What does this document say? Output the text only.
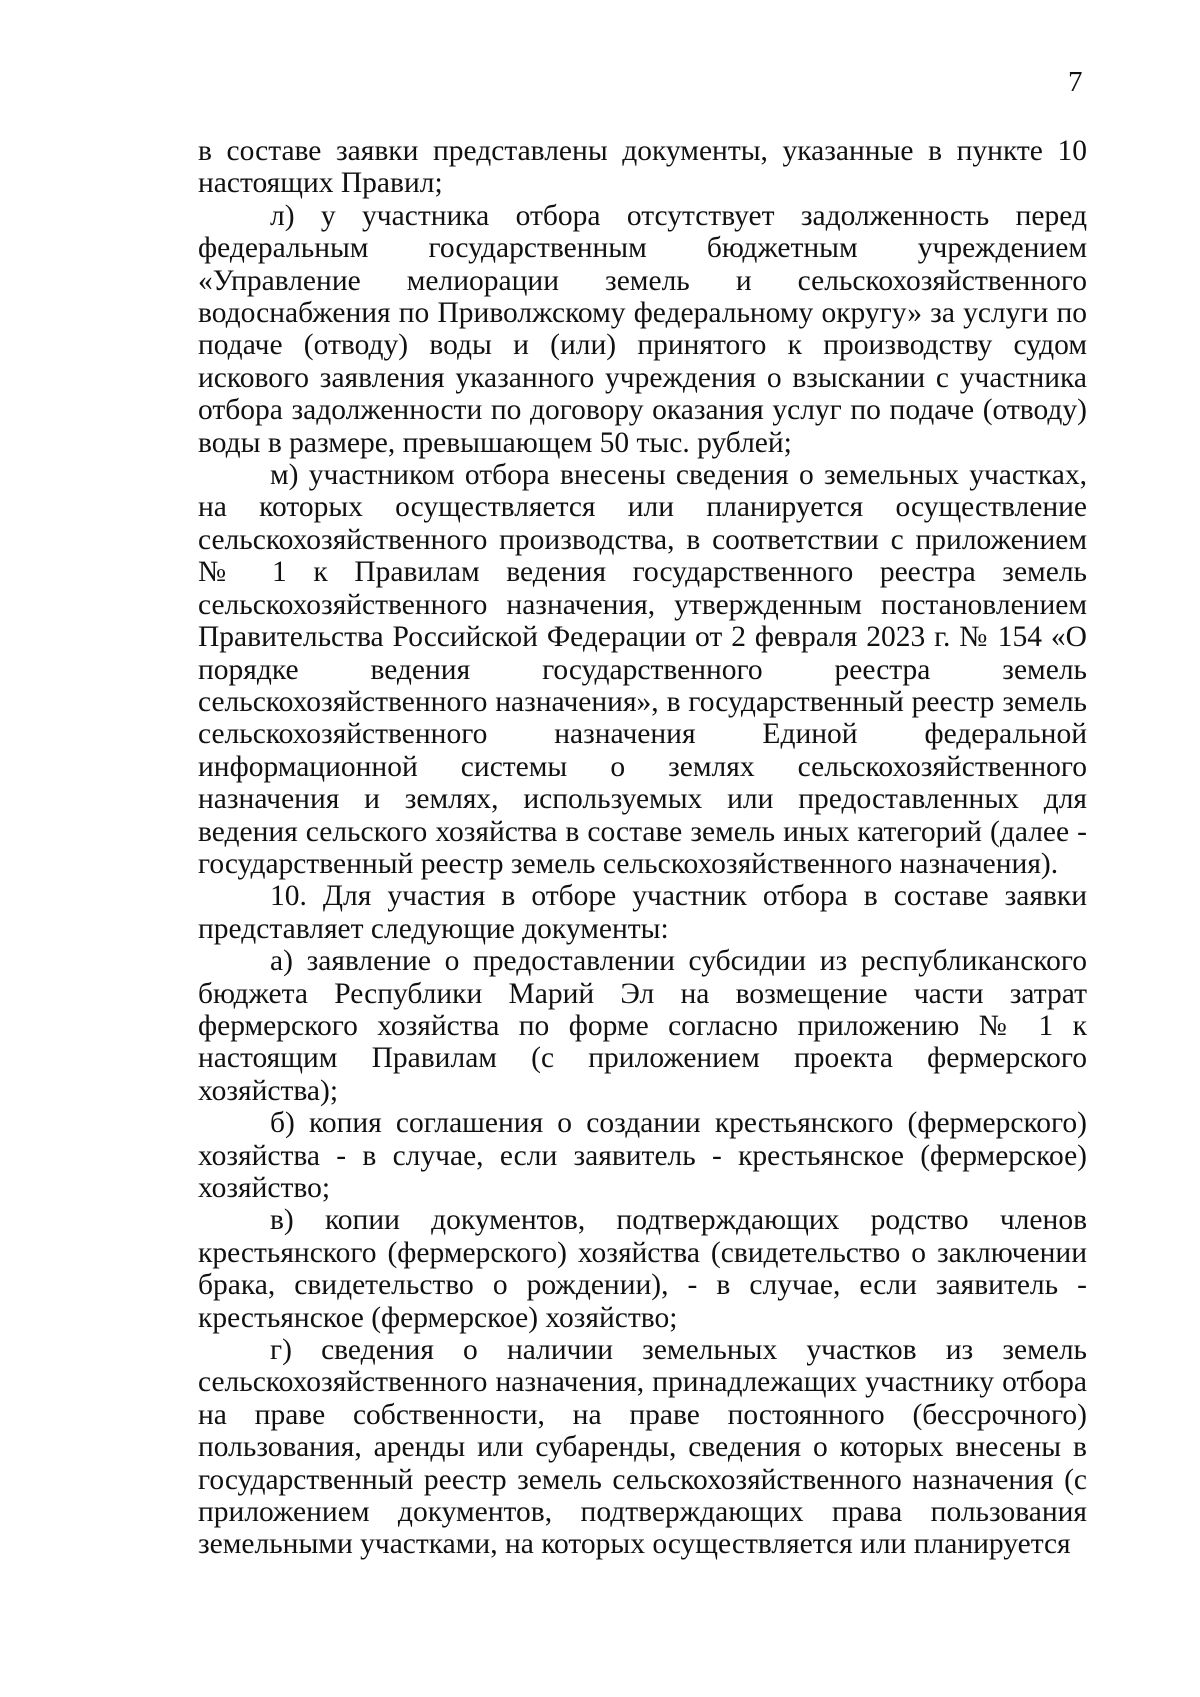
7

в составе заявки представлены документы, указанные в пункте 10 настоящих Правил;

л) у участника отбора отсутствует задолженность перед федеральным государственным бюджетным учреждением «Управление мелиорации земель и сельскохозяйственного водоснабжения по Приволжскому федеральному округу» за услуги по подаче (отводу) воды и (или) принятого к производству судом искового заявления указанного учреждения о взыскании с участника отбора задолженности по договору оказания услуг по подаче (отводу) воды в размере, превышающем 50 тыс. рублей;

м) участником отбора внесены сведения о земельных участках, на которых осуществляется или планируется осуществление сельскохозяйственного производства, в соответствии с приложением № 1 к Правилам ведения государственного реестра земель сельскохозяйственного назначения, утвержденным постановлением Правительства Российской Федерации от 2 февраля 2023 г. № 154 «О порядке ведения государственного реестра земель сельскохозяйственного назначения», в государственный реестр земель сельскохозяйственного назначения Единой федеральной информационной системы о землях сельскохозяйственного назначения и землях, используемых или предоставленных для ведения сельского хозяйства в составе земель иных категорий (далее - государственный реестр земель сельскохозяйственного назначения).

10. Для участия в отборе участник отбора в составе заявки представляет следующие документы:

а) заявление о предоставлении субсидии из республиканского бюджета Республики Марий Эл на возмещение части затрат фермерского хозяйства по форме согласно приложению № 1 к настоящим Правилам (с приложением проекта фермерского хозяйства);

б) копия соглашения о создании крестьянского (фермерского) хозяйства - в случае, если заявитель - крестьянское (фермерское) хозяйство;

в) копии документов, подтверждающих родство членов крестьянского (фермерского) хозяйства (свидетельство о заключении брака, свидетельство о рождении), - в случае, если заявитель - крестьянское (фермерское) хозяйство;

г) сведения о наличии земельных участков из земель сельскохозяйственного назначения, принадлежащих участнику отбора на праве собственности, на праве постоянного (бессрочного) пользования, аренды или субаренды, сведения о которых внесены в государственный реестр земель сельскохозяйственного назначения (с приложением документов, подтверждающих права пользования земельными участками, на которых осуществляется или планируется
